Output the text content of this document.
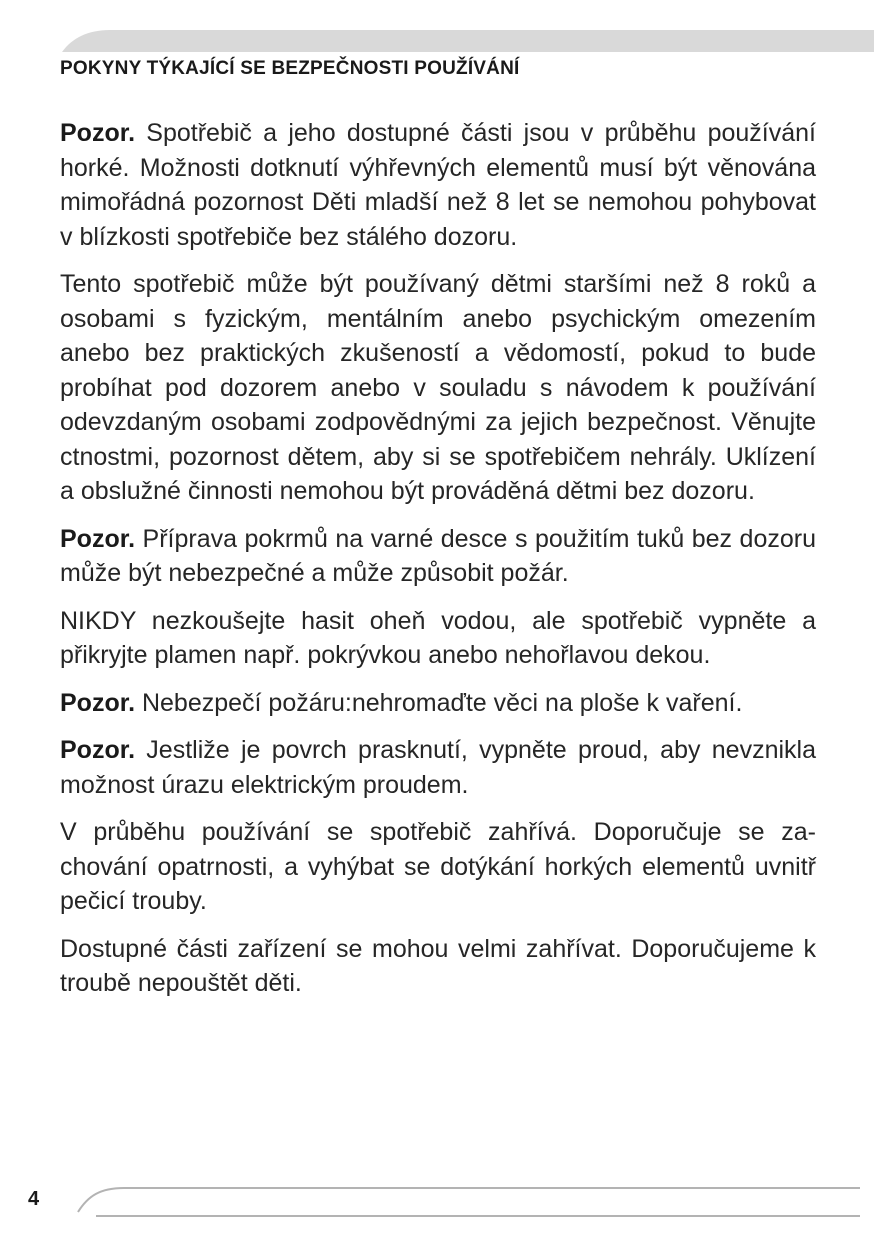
POKYNY TÝKAJÍCÍ SE BEZPEČNOSTI POUŽÍVÁNÍ

Pozor. Spotřebič a jeho dostupné části jsou v průběhu používání horké. Možnosti dotknutí výhřevných elementů musí být věnována mimořádná pozornost Děti mladší než 8 let se nemohou pohybovat v blízkosti spotřebiče bez stálého dozoru.

Tento spotřebič může být používaný dětmi staršími než 8 roků a osobami s fyzickým, mentálním anebo psychickým omezením anebo bez praktických zkušeností a vědomostí, pokud to bude probíhat pod dozorem anebo v souladu s návodem k používání odevzdaným osobami zodpovědnými za jejich bezpečnost. Věnujte ctnostmi, pozornost dětem, aby si se spotřebičem nehrály. Uklízení a obslužné činnosti nemohou být prováděná dětmi bez dozoru.

Pozor. Příprava pokrmů na varné desce s použitím tuků bez dozoru může být nebezpečné a může způsobit požár.

NIKDY nezkoušejte hasit oheň vodou, ale spotřebič vypněte a přikryjte plamen např. pokrývkou anebo nehořlavou dekou.

Pozor. Nebezpečí požáru:nehromaďte věci na ploše k vaření.

Pozor. Jestliže je povrch prasknutí, vypněte proud, aby nevznikla možnost úrazu elektrickým proudem.

V průběhu používání se spotřebič zahřívá. Doporučuje se zachování opatrnosti, a vyhýbat se dotýkání horkých elementů uvnitř pečicí trouby.

Dostupné části zařízení se mohou velmi zahřívat. Doporučujeme k troubě nepouštět děti.

4
